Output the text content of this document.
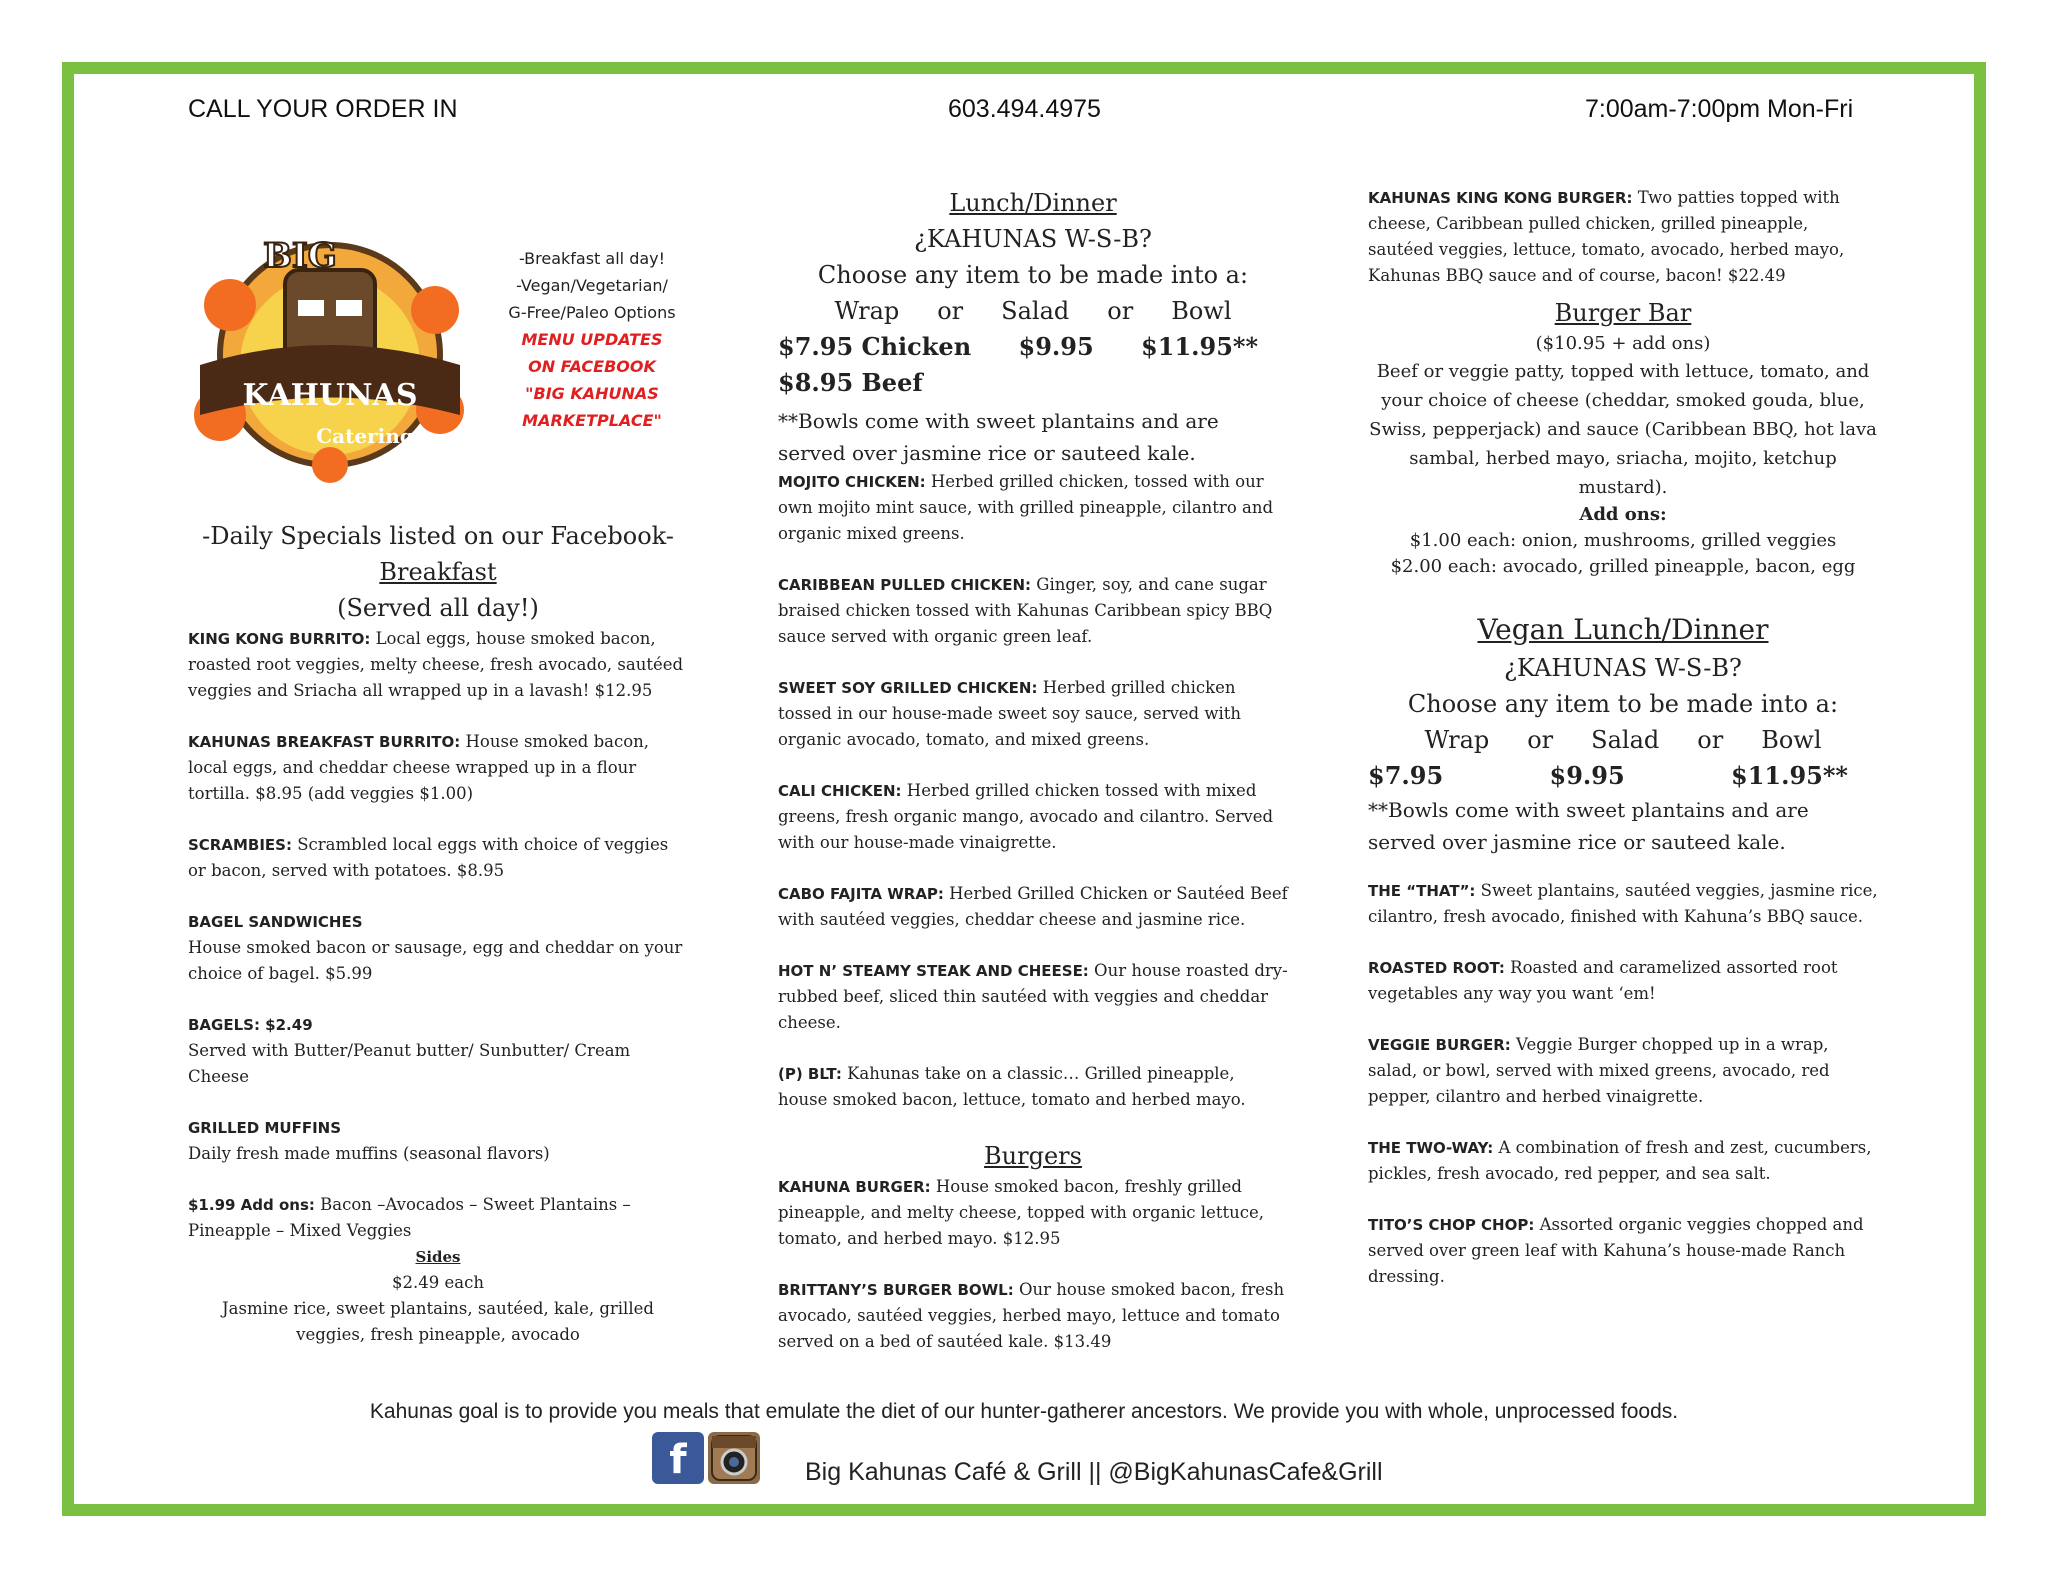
CALL YOUR ORDER IN	603.494.4975	7:00am-7:00pm Mon-Fri
KAHUNAS
BIG
Catering
-Breakfast all day!
-Vegan/Vegetarian/
G-Free/Paleo Options
MENU UPDATES
ON FACEBOOK
"BIG KAHUNAS
MARKETPLACE"
-Daily Specials listed on our Facebook-
Breakfast
(Served all day!)
KING KONG BURRITO: Local eggs, house smoked bacon, roasted root veggies, melty cheese, fresh avocado, sautéed veggies and Sriacha all wrapped up in a lavash! $12.95
KAHUNAS BREAKFAST BURRITO: House smoked bacon, local eggs, and cheddar cheese wrapped up in a flour tortilla. $8.95 (add veggies $1.00)
SCRAMBIES: Scrambled local eggs with choice of veggies or bacon, served with potatoes. $8.95
BAGEL SANDWICHES
House smoked bacon or sausage, egg and cheddar on your choice of bagel. $5.99
BAGELS: $2.49
Served with Butter/Peanut butter/ Sunbutter/ Cream Cheese
GRILLED MUFFINS
Daily fresh made muffins (seasonal flavors)
$1.99 Add ons: Bacon –Avocados – Sweet Plantains – Pineapple – Mixed Veggies
Sides
$2.49 each
Jasmine rice, sweet plantains, sautéed, kale, grilled veggies, fresh pineapple, avocado
Lunch/Dinner
¿KAHUNAS W-S-B?
Choose any item to be made into a:
Wrap or Salad or Bowl
$7.95 Chicken $9.95 $11.95**
$8.95 Beef
**Bowls come with sweet plantains and are served over jasmine rice or sauteed kale.
MOJITO CHICKEN: Herbed grilled chicken, tossed with our own mojito mint sauce, with grilled pineapple, cilantro and organic mixed greens.
CARIBBEAN PULLED CHICKEN: Ginger, soy, and cane sugar braised chicken tossed with Kahunas Caribbean spicy BBQ sauce served with organic green leaf.
SWEET SOY GRILLED CHICKEN: Herbed grilled chicken tossed in our house-made sweet soy sauce, served with organic avocado, tomato, and mixed greens.
CALI CHICKEN: Herbed grilled chicken tossed with mixed greens, fresh organic mango, avocado and cilantro. Served with our house-made vinaigrette.
CABO FAJITA WRAP: Herbed Grilled Chicken or Sautéed Beef with sautéed veggies, cheddar cheese and jasmine rice.
HOT N’ STEAMY STEAK AND CHEESE: Our house roasted dry-rubbed beef, sliced thin sautéed with veggies and cheddar cheese.
(P) BLT: Kahunas take on a classic… Grilled pineapple, house smoked bacon, lettuce, tomato and herbed mayo.
Burgers
KAHUNA BURGER: House smoked bacon, freshly grilled pineapple, and melty cheese, topped with organic lettuce, tomato, and herbed mayo. $12.95
BRITTANY’S BURGER BOWL: Our house smoked bacon, fresh avocado, sautéed veggies, herbed mayo, lettuce and tomato served on a bed of sautéed kale. $13.49
KAHUNAS KING KONG BURGER: Two patties topped with cheese, Caribbean pulled chicken, grilled pineapple, sautéed veggies, lettuce, tomato, avocado, herbed mayo, Kahunas BBQ sauce and of course, bacon! $22.49
Burger Bar
($10.95 + add ons)
Beef or veggie patty, topped with lettuce, tomato, and your choice of cheese (cheddar, smoked gouda, blue, Swiss, pepperjack) and sauce (Caribbean BBQ, hot lava sambal, herbed mayo, sriacha, mojito, ketchup mustard).
Add ons:
$1.00 each: onion, mushrooms, grilled veggies
$2.00 each: avocado, grilled pineapple, bacon, egg
Vegan Lunch/Dinner
¿KAHUNAS W-S-B?
Choose any item to be made into a:
Wrap or Salad or Bowl
$7.95	$9.95	$11.95**
**Bowls come with sweet plantains and are served over jasmine rice or sauteed kale.
THE “THAT”: Sweet plantains, sautéed veggies, jasmine rice, cilantro, fresh avocado, finished with Kahuna’s BBQ sauce.
ROASTED ROOT: Roasted and caramelized assorted root vegetables any way you want ‘em!
VEGGIE BURGER: Veggie Burger chopped up in a wrap, salad, or bowl, served with mixed greens, avocado, red pepper, cilantro and herbed vinaigrette.
THE TWO-WAY: A combination of fresh and zest, cucumbers, pickles, fresh avocado, red pepper, and sea salt.
TITO’S CHOP CHOP: Assorted organic veggies chopped and served over green leaf with Kahuna’s house-made Ranch dressing.
Kahunas goal is to provide you meals that emulate the diet of our hunter-gatherer ancestors. We provide you with whole, unprocessed foods.
f	Big Kahunas Café & Grill || @BigKahunasCafe&Grill
